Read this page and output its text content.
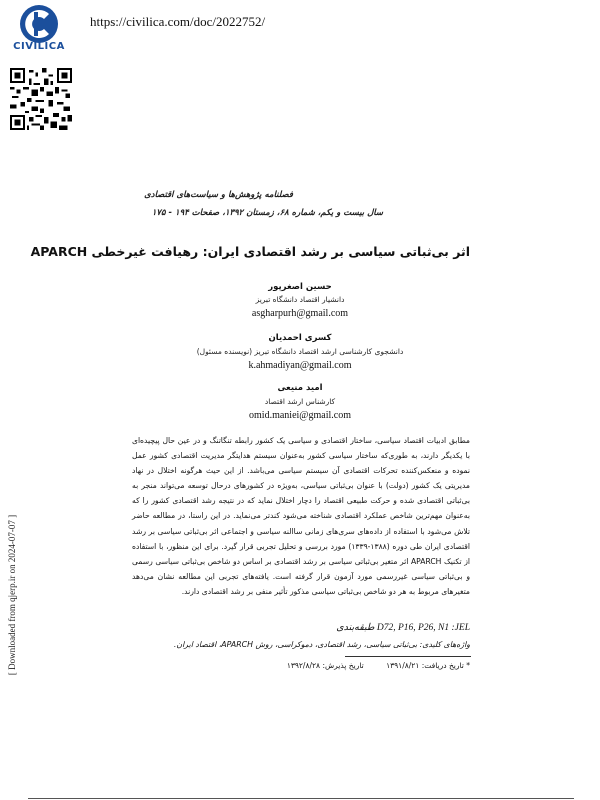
CIVILICA
https://civilica.com/doc/2022752/
[ Downloaded from qjerp.ir on 2024-07-07 ]
فصلنامه پژوهش‌ها و سیاست‌های اقتصادی
سال بیست و یکم، شماره ۶۸، زمستان ۱۳۹۲، صفحات ۱۹۴ - ۱۷۵
اثر بی‌ثباتی سیاسی بر رشد اقتصادی ایران: رهیافت غیرخطی APARCH
حسین اصغرپور
دانشیار اقتصاد دانشگاه تبریز
asgharpurh@gmail.com
کسری احمدیان
دانشجوی کارشناسی ارشد اقتصاد دانشگاه تبریز (نویسنده مسئول)
k.ahmadiyan@gmail.com
امید منیعی
کارشناس ارشد اقتصاد
omid.maniei@gmail.com

مطابق ادبیات اقتصاد سیاسی، ساختار اقتصادی و سیاسی یک کشور رابطه تنگاتنگ و در عین حال پیچیده‌ای با یکدیگر دارند، به طوری‌که ساختار سیاسی کشور به‌عنوان سیستم هدایتگر مدیریت اقتصادی کشور عمل نموده و منعکس‌کننده تحرکات اقتصادی آن سیستم سیاسی می‌باشد. از این حیث هرگونه اختلال در نهاد مدیریتی یک کشور (دولت) با عنوان بی‌ثباتی سیاسی، به‌ویژه در کشورهای درحال توسعه می‌تواند منجر به بی‌ثباتی اقتصادی شده و حرکت طبیعی اقتصاد را دچار اختلال نماید که در نتیجه رشد اقتصادی کشور را که به‌عنوان مهم‌ترین شاخص عملکرد اقتصادی شناخته می‌شود کندتر می‌نماید. در این راستا، در مطالعه حاضر تلاش می‌شود با استفاده از داده‌های سری‌های زمانی ساالنه سیاسی و اجتماعی اثر بی‌ثباتی سیاسی بر رشد اقتصادی ایران طی دوره (۱۳۸۸-۱۳۳۹) مورد بررسی و تحلیل تجربی قرار گیرد. برای این منظور، با استفاده از تکنیک APARCH اثر متغیر بی‌ثباتی سیاسی بر رشد اقتصادی بر اساس دو شاخص بی‌ثباتی سیاسی رسمی و بی‌ثباتی سیاسی غیررسمی مورد آزمون قرار گرفته است. یافته‌های تجربی این مطالعه نشان می‌دهد متغیرهای مربوط به هر دو شاخص بی‌ثباتی سیاسی مذکور تأثیر منفی بر رشد اقتصادی دارند.

D72, P16, P26, N1 :JEL طبقه‌بندی
واژه‌های کلیدی: بی‌ثباتی سیاسی، رشد اقتصادی، دموکراسی، روش APARCH، اقتصاد ایران.
* تاریخ دریافت: ۱۳۹۱/۸/۲۱ تاریخ پذیرش: ۱۳۹۲/۸/۲۸
